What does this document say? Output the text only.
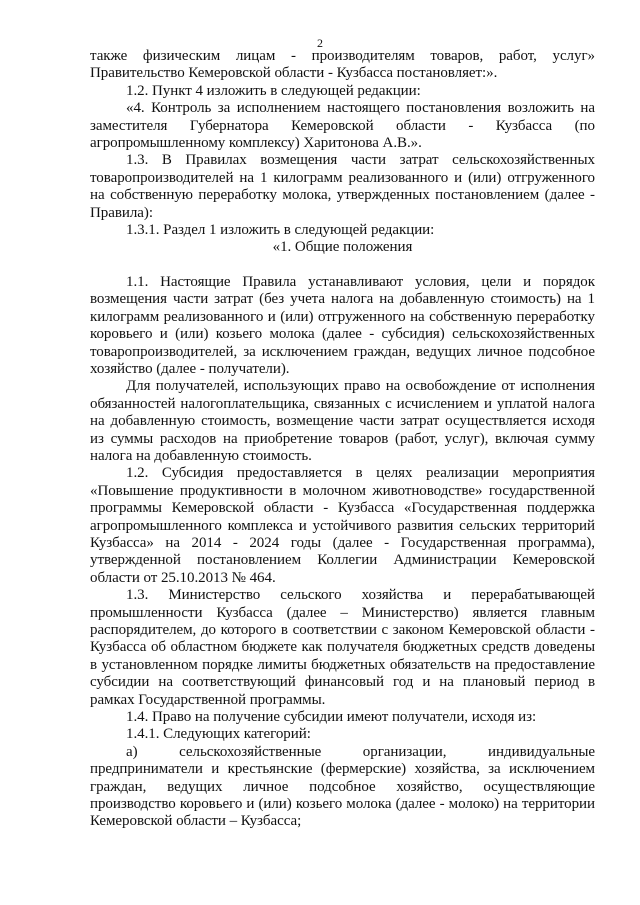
2

также физическим лицам - производителям товаров, работ, услуг» Правительство Кемеровской области - Кузбасса постановляет:».

1.2. Пункт 4 изложить в следующей редакции:

«4. Контроль за исполнением настоящего постановления возложить на заместителя Губернатора Кемеровской области - Кузбасса (по агропромышленному комплексу) Харитонова А.В.».

1.3. В Правилах возмещения части затрат сельскохозяйственных товаропроизводителей на 1 килограмм реализованного и (или) отгруженного на собственную переработку молока, утвержденных постановлением (далее - Правила):

1.3.1. Раздел 1 изложить в следующей редакции:

«1. Общие положения

1.1. Настоящие Правила устанавливают условия, цели и порядок возмещения части затрат (без учета налога на добавленную стоимость) на 1 килограмм реализованного и (или) отгруженного на собственную переработку коровьего и (или) козьего молока (далее - субсидия) сельскохозяйственных товаропроизводителей, за исключением граждан, ведущих личное подсобное хозяйство (далее - получатели).

Для получателей, использующих право на освобождение от исполнения обязанностей налогоплательщика, связанных с исчислением и уплатой налога на добавленную стоимость, возмещение части затрат осуществляется исходя из суммы расходов на приобретение товаров (работ, услуг), включая сумму налога на добавленную стоимость.

1.2. Субсидия предоставляется в целях реализации мероприятия «Повышение продуктивности в молочном животноводстве» государственной программы Кемеровской области - Кузбасса «Государственная поддержка агропромышленного комплекса и устойчивого развития сельских территорий Кузбасса» на 2014 - 2024 годы (далее - Государственная программа), утвержденной постановлением Коллегии Администрации Кемеровской области от 25.10.2013 № 464.

1.3. Министерство сельского хозяйства и перерабатывающей промышленности Кузбасса (далее – Министерство) является главным распорядителем, до которого в соответствии с законом Кемеровской области - Кузбасса об областном бюджете как получателя бюджетных средств доведены в установленном порядке лимиты бюджетных обязательств на предоставление субсидии на соответствующий финансовый год и на плановый период в рамках Государственной программы.

1.4. Право на получение субсидии имеют получатели, исходя из:

1.4.1. Следующих категорий:

а) сельскохозяйственные организации, индивидуальные предприниматели и крестьянские (фермерские) хозяйства, за исключением граждан, ведущих личное подсобное хозяйство, осуществляющие производство коровьего и (или) козьего молока (далее - молоко) на территории Кемеровской области – Кузбасса;
